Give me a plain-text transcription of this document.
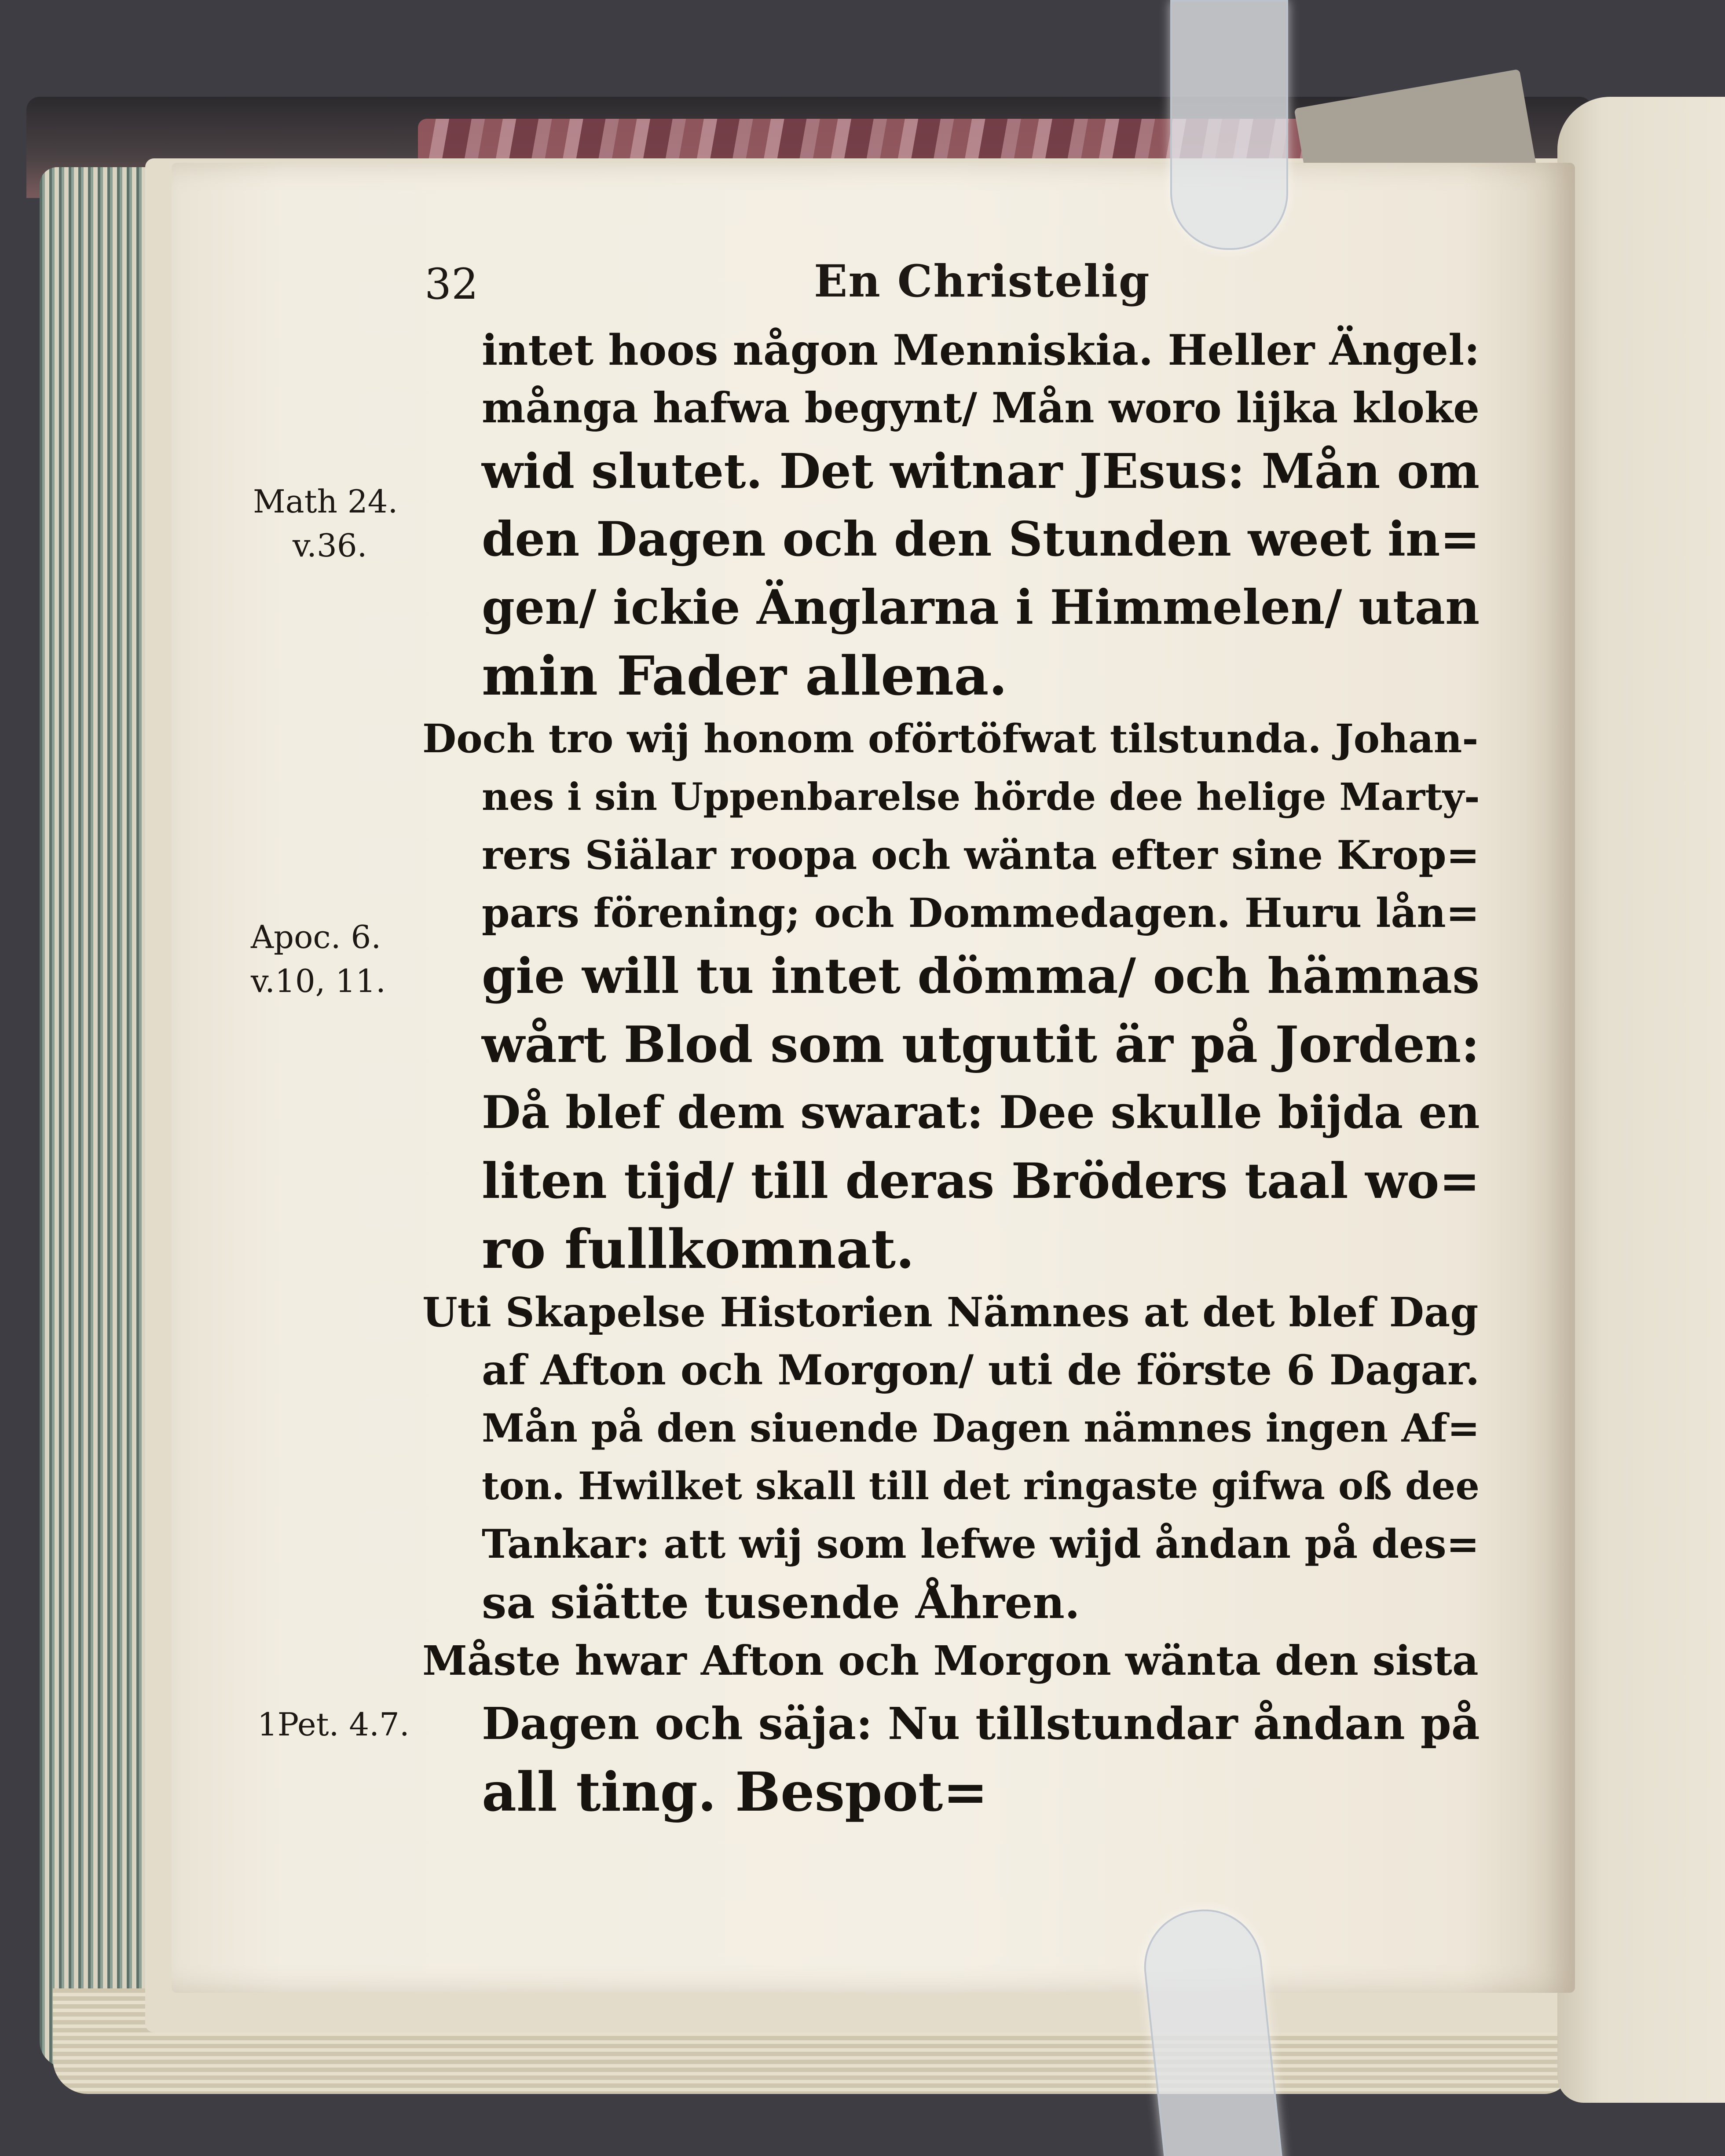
32	En Christelig
Math 24.
v.36.
Apoc. 6.
v.10, 11.
1Pet. 4.7.
intet hoos någon Menniskia. Heller Ängel:
många hafwa begynt/ Mån woro lijka kloke
wid slutet. Det witnar JEsus: Mån om
den Dagen och den Stunden weet in=
gen/ ickie Änglarna i Himmelen/ utan
min Fader allena.
Doch tro wij honom oförtöfwat tilstunda. Johan-
nes i sin Uppenbarelse hörde dee helige Marty-
rers Siälar roopa och wänta efter sine Krop=
pars förening; och Dommedagen. Huru lån=
gie will tu intet dömma/ och hämnas
wårt Blod som utgutit är på Jorden:
Då blef dem swarat: Dee skulle bijda en
liten tijd/ till deras Bröders taal wo=
ro fullkomnat.
Uti Skapelse Historien Nämnes at det blef Dag
af Afton och Morgon/ uti de förste 6 Dagar.
Mån på den siuende Dagen nämnes ingen Af=
ton. Hwilket skall till det ringaste gifwa oß dee
Tankar: att wij som lefwe wijd åndan på des=
sa siätte tusende Åhren.
Måste hwar Afton och Morgon wänta den sista
Dagen och säja: Nu tillstundar åndan på
all ting. Bespot=
